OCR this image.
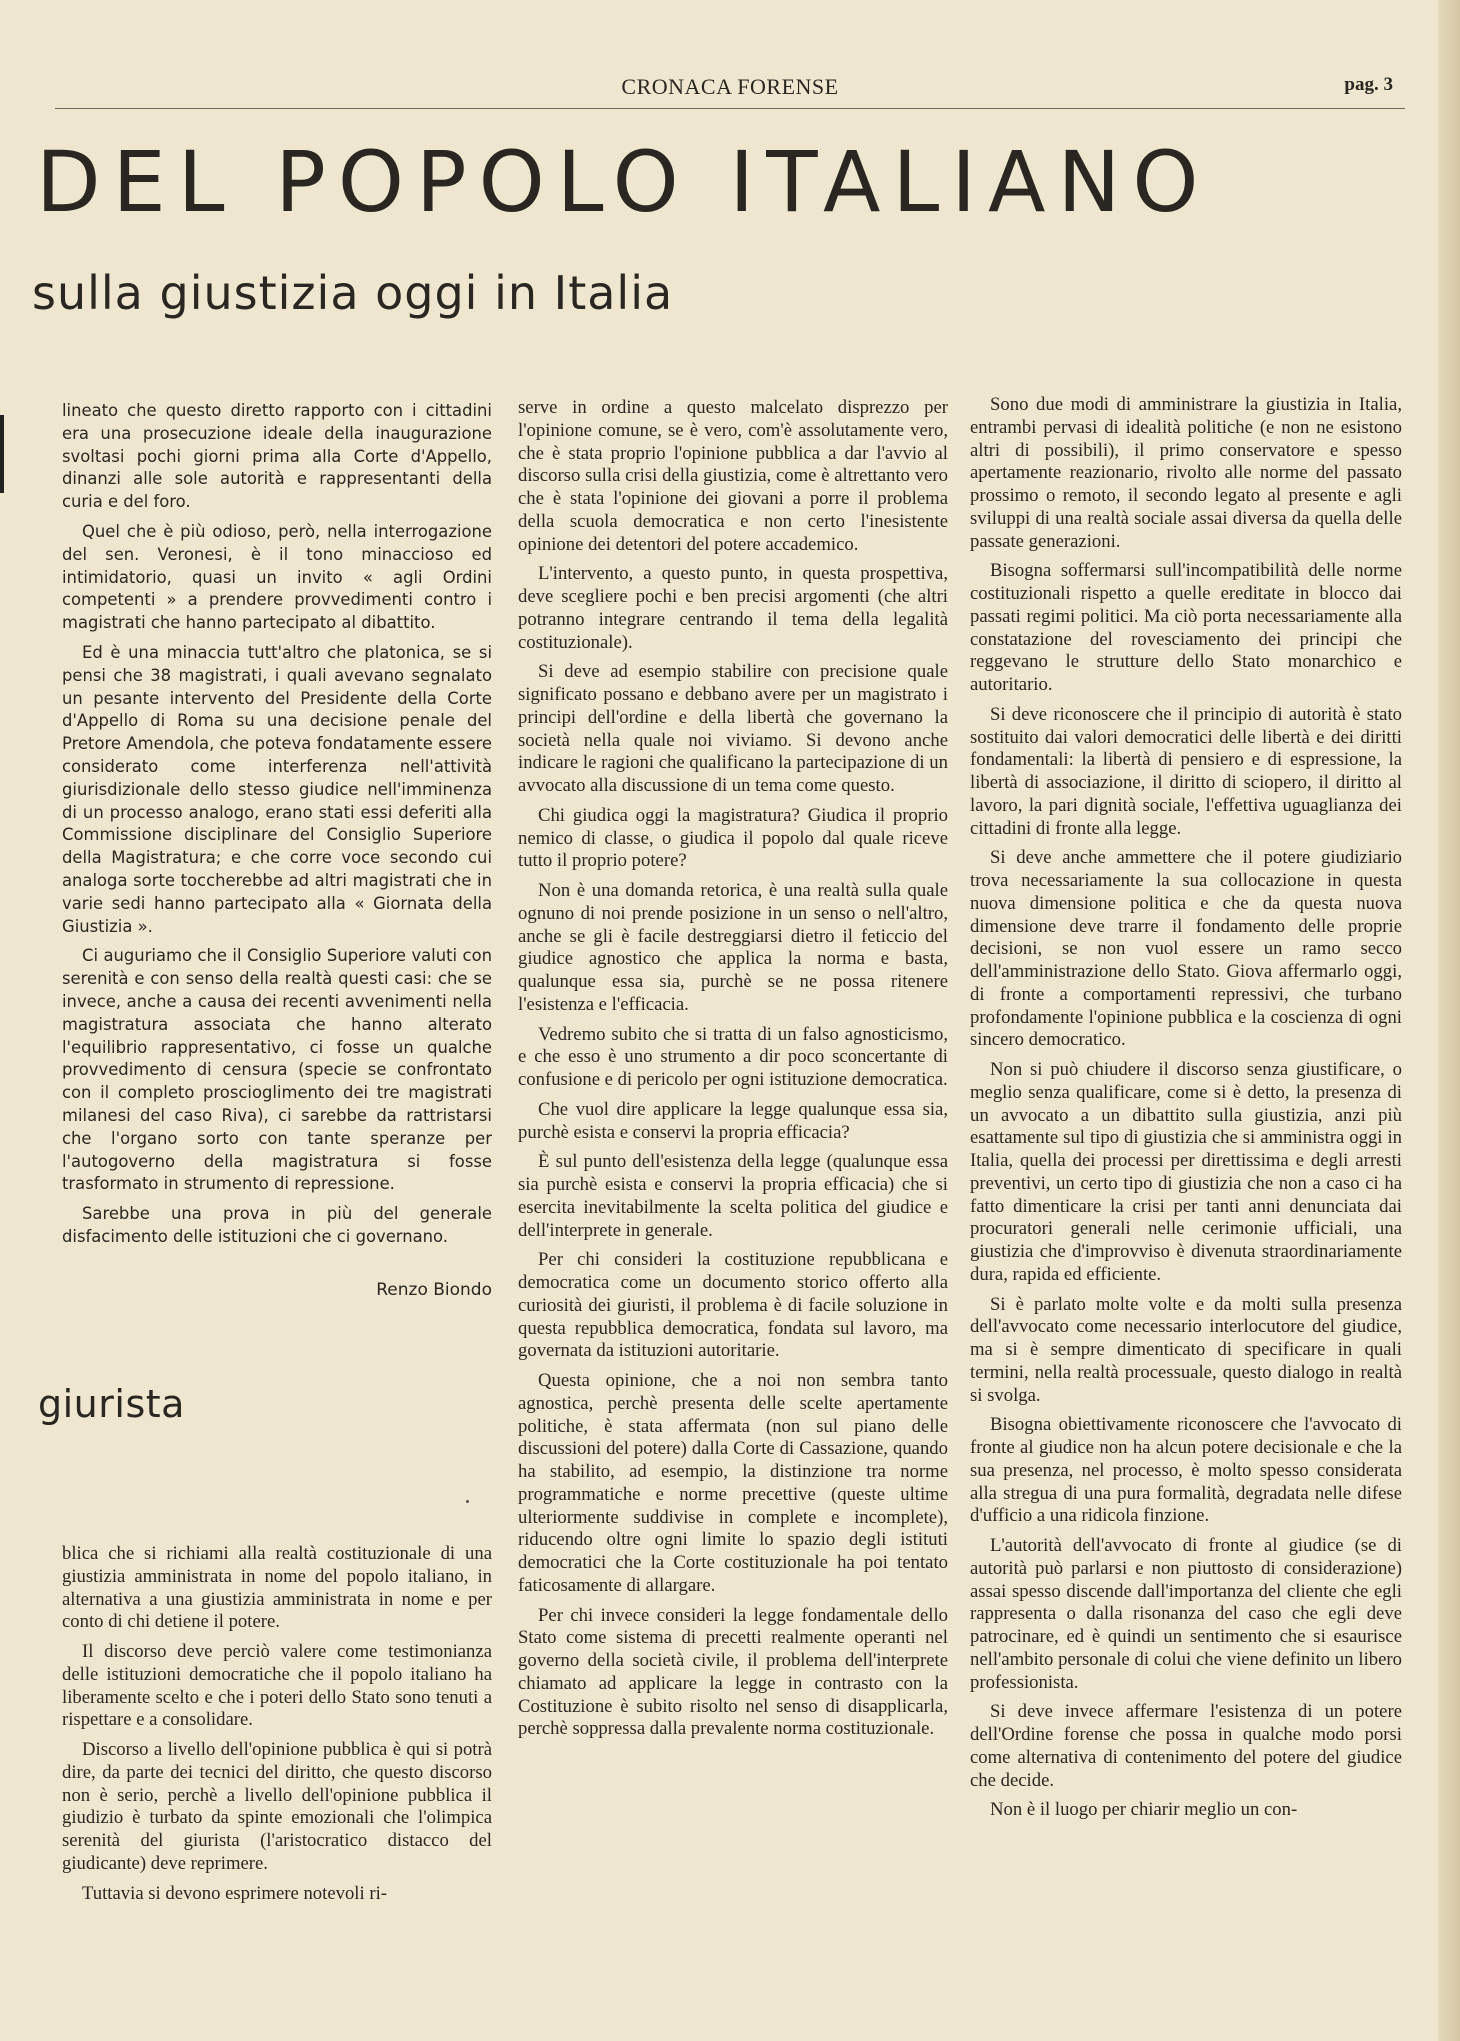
CRONACA FORENSE	pag. 3
DEL POPOLO ITALIANO
sulla giustizia oggi in Italia

lineato che questo diretto rapporto con i cittadini era una prosecuzione ideale della inaugurazione svoltasi pochi giorni prima alla Corte d'Appello, dinanzi alle sole autorità e rappresentanti della curia e del foro.

Quel che è più odioso, però, nella interrogazione del sen. Veronesi, è il tono minaccioso ed intimidatorio, quasi un invito « agli Ordini competenti » a prendere provvedimenti contro i magistrati che hanno partecipato al dibattito.

Ed è una minaccia tutt'altro che platonica, se si pensi che 38 magistrati, i quali avevano segnalato un pesante intervento del Presidente della Corte d'Appello di Roma su una decisione penale del Pretore Amendola, che poteva fondatamente essere considerato come interferenza nell'attività giurisdizionale dello stesso giudice nell'imminenza di un processo analogo, erano stati essi deferiti alla Commissione disciplinare del Consiglio Superiore della Magistratura; e che corre voce secondo cui analoga sorte toccherebbe ad altri magistrati che in varie sedi hanno partecipato alla « Giornata della Giustizia ».

Ci auguriamo che il Consiglio Superiore valuti con serenità e con senso della realtà questi casi: che se invece, anche a causa dei recenti avvenimenti nella magistratura associata che hanno alterato l'equilibrio rappresentativo, ci fosse un qualche provvedimento di censura (specie se confrontato con il completo proscioglimento dei tre magistrati milanesi del caso Riva), ci sarebbe da rattristarsi che l'organo sorto con tante speranze per l'autogoverno della magistratura si fosse trasformato in strumento di repressione.

Sarebbe una prova in più del generale disfacimento delle istituzioni che ci governano.

Renzo Biondo
giurista

blica che si richiami alla realtà costituzionale di una giustizia amministrata in nome del popolo italiano, in alternativa a una giustizia amministrata in nome e per conto di chi detiene il potere.

Il discorso deve perciò valere come testimonianza delle istituzioni democratiche che il popolo italiano ha liberamente scelto e che i poteri dello Stato sono tenuti a rispettare e a consolidare.

Discorso a livello dell'opinione pubblica è qui si potrà dire, da parte dei tecnici del diritto, che questo discorso non è serio, perchè a livello dell'opinione pubblica il giudizio è turbato da spinte emozionali che l'olimpica serenità del giurista (l'aristocratico distacco del giudicante) deve reprimere.

Tuttavia si devono esprimere notevoli ri-

serve in ordine a questo malcelato disprezzo per l'opinione comune, se è vero, com'è assolutamente vero, che è stata proprio l'opinione pubblica a dar l'avvio al discorso sulla crisi della giustizia, come è altrettanto vero che è stata l'opinione dei giovani a porre il problema della scuola democratica e non certo l'inesistente opinione dei detentori del potere accademico.

L'intervento, a questo punto, in questa prospettiva, deve scegliere pochi e ben precisi argomenti (che altri potranno integrare centrando il tema della legalità costituzionale).

Si deve ad esempio stabilire con precisione quale significato possano e debbano avere per un magistrato i principi dell'ordine e della libertà che governano la società nella quale noi viviamo. Si devono anche indicare le ragioni che qualificano la partecipazione di un avvocato alla discussione di un tema come questo.

Chi giudica oggi la magistratura? Giudica il proprio nemico di classe, o giudica il popolo dal quale riceve tutto il proprio potere?

Non è una domanda retorica, è una realtà sulla quale ognuno di noi prende posizione in un senso o nell'altro, anche se gli è facile destreggiarsi dietro il feticcio del giudice agnostico che applica la norma e basta, qualunque essa sia, purchè se ne possa ritenere l'esistenza e l'efficacia.

Vedremo subito che si tratta di un falso agnosticismo, e che esso è uno strumento a dir poco sconcertante di confusione e di pericolo per ogni istituzione democratica.

Che vuol dire applicare la legge qualunque essa sia, purchè esista e conservi la propria efficacia?

È sul punto dell'esistenza della legge (qualunque essa sia purchè esista e conservi la propria efficacia) che si esercita inevitabilmente la scelta politica del giudice e dell'interprete in generale.

Per chi consideri la costituzione repubblicana e democratica come un documento storico offerto alla curiosità dei giuristi, il problema è di facile soluzione in questa repubblica democratica, fondata sul lavoro, ma governata da istituzioni autoritarie.

Questa opinione, che a noi non sembra tanto agnostica, perchè presenta delle scelte apertamente politiche, è stata affermata (non sul piano delle discussioni del potere) dalla Corte di Cassazione, quando ha stabilito, ad esempio, la distinzione tra norme programmatiche e norme precettive (queste ultime ulteriormente suddivise in complete e incomplete), riducendo oltre ogni limite lo spazio degli istituti democratici che la Corte costituzionale ha poi tentato faticosamente di allargare.

Per chi invece consideri la legge fondamentale dello Stato come sistema di precetti realmente operanti nel governo della società civile, il problema dell'interprete chiamato ad applicare la legge in contrasto con la Costituzione è subito risolto nel senso di disapplicarla, perchè soppressa dalla prevalente norma costituzionale.

Sono due modi di amministrare la giustizia in Italia, entrambi pervasi di idealità politiche (e non ne esistono altri di possibili), il primo conservatore e spesso apertamente reazionario, rivolto alle norme del passato prossimo o remoto, il secondo legato al presente e agli sviluppi di una realtà sociale assai diversa da quella delle passate generazioni.

Bisogna soffermarsi sull'incompatibilità delle norme costituzionali rispetto a quelle ereditate in blocco dai passati regimi politici. Ma ciò porta necessariamente alla constatazione del rovesciamento dei principi che reggevano le strutture dello Stato monarchico e autoritario.

Si deve riconoscere che il principio di autorità è stato sostituito dai valori democratici delle libertà e dei diritti fondamentali: la libertà di pensiero e di espressione, la libertà di associazione, il diritto di sciopero, il diritto al lavoro, la pari dignità sociale, l'effettiva uguaglianza dei cittadini di fronte alla legge.

Si deve anche ammettere che il potere giudiziario trova necessariamente la sua collocazione in questa nuova dimensione politica e che da questa nuova dimensione deve trarre il fondamento delle proprie decisioni, se non vuol essere un ramo secco dell'amministrazione dello Stato. Giova affermarlo oggi, di fronte a comportamenti repressivi, che turbano profondamente l'opinione pubblica e la coscienza di ogni sincero democratico.

Non si può chiudere il discorso senza giustificare, o meglio senza qualificare, come si è detto, la presenza di un avvocato a un dibattito sulla giustizia, anzi più esattamente sul tipo di giustizia che si amministra oggi in Italia, quella dei processi per direttissima e degli arresti preventivi, un certo tipo di giustizia che non a caso ci ha fatto dimenticare la crisi per tanti anni denunciata dai procuratori generali nelle cerimonie ufficiali, una giustizia che d'improvviso è divenuta straordinariamente dura, rapida ed efficiente.

Si è parlato molte volte e da molti sulla presenza dell'avvocato come necessario interlocutore del giudice, ma si è sempre dimenticato di specificare in quali termini, nella realtà processuale, questo dialogo in realtà si svolga.

Bisogna obiettivamente riconoscere che l'avvocato di fronte al giudice non ha alcun potere decisionale e che la sua presenza, nel processo, è molto spesso considerata alla stregua di una pura formalità, degradata nelle difese d'ufficio a una ridicola finzione.

L'autorità dell'avvocato di fronte al giudice (se di autorità può parlarsi e non piuttosto di considerazione) assai spesso discende dall'importanza del cliente che egli rappresenta o dalla risonanza del caso che egli deve patrocinare, ed è quindi un sentimento che si esaurisce nell'ambito personale di colui che viene definito un libero professionista.

Si deve invece affermare l'esistenza di un potere dell'Ordine forense che possa in qualche modo porsi come alternativa di contenimento del potere del giudice che decide.

Non è il luogo per chiarir meglio un con-
